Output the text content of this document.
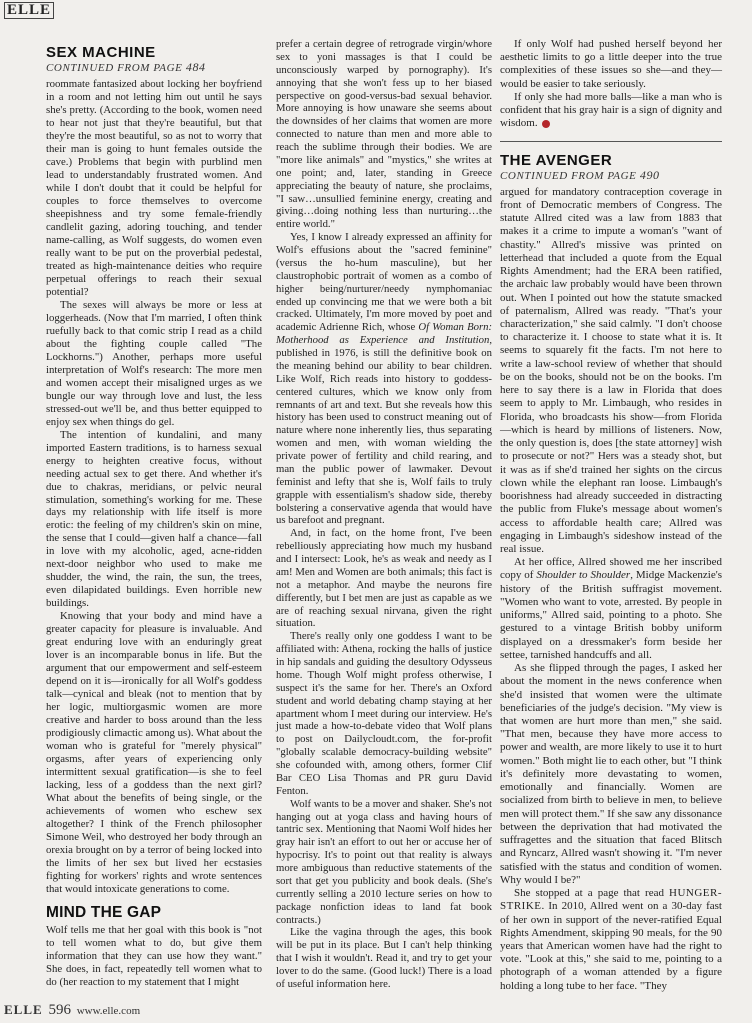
ELLE
SEX MACHINE
CONTINUED FROM PAGE 484

roommate fantasized about locking her boyfriend in a room and not letting him out until he says she's pretty. (According to the book, women need to hear not just that they're beautiful, but that they're the most beautiful, so as not to worry that their man is going to hunt females outside the cave.) Problems that begin with purblind men lead to understandably frustrated women. And while I don't doubt that it could be helpful for couples to force themselves to overcome sheepishness and try some female-friendly candlelit gazing, adoring touching, and tender name-calling, as Wolf suggests, do women even really want to be put on the proverbial pedestal, treated as high-maintenance deities who require perpetual offerings to reach their sexual potential?

The sexes will always be more or less at loggerheads. (Now that I'm married, I often think ruefully back to that comic strip I read as a child about the fighting couple called "The Lockhorns.") Another, perhaps more useful interpretation of Wolf's research: The more men and women accept their misaligned urges as we bungle our way through love and lust, the less stressed-out we'll be, and thus better equipped to enjoy sex when things do gel.

The intention of kundalini, and many imported Eastern traditions, is to harness sexual energy to heighten creative focus, without needing actual sex to get there. And whether it's due to chakras, meridians, or pelvic neural stimulation, something's working for me. These days my relationship with life itself is more erotic: the feeling of my children's skin on mine, the sense that I could—given half a chance—fall in love with my alcoholic, aged, acne-ridden next-door neighbor who used to make me shudder, the wind, the rain, the sun, the trees, even dilapidated buildings. Even horrible new buildings.

Knowing that your body and mind have a greater capacity for pleasure is invaluable. And great enduring love with an enduringly great lover is an incomparable bonus in life. But the argument that our empowerment and self-esteem depend on it is—ironically for all Wolf's goddess talk—cynical and bleak (not to mention that by her logic, multiorgasmic women are more creative and harder to boss around than the less prodigiously climactic among us). What about the woman who is grateful for "merely physical" orgasms, after years of experiencing only intermittent sexual gratification—is she to feel lacking, less of a goddess than the next girl? What about the benefits of being single, or the achievements of women who eschew sex altogether? I think of the French philosopher Simone Weil, who destroyed her body through an orexia brought on by a terror of being locked into the limits of her sex but lived her ecstasies fighting for workers' rights and wrote sentences that would intoxicate generations to come.

MIND THE GAP

Wolf tells me that her goal with this book is "not to tell women what to do, but give them information that they can use how they want." She does, in fact, repeatedly tell women what to do (her reaction to my statement that I might

prefer a certain degree of retrograde virgin/whore sex to yoni massages is that I could be unconsciously warped by pornography). It's annoying that she won't fess up to her biased perspective on good-versus-bad sexual behavior. More annoying is how unaware she seems about the downsides of her claims that women are more connected to nature than men and more able to reach the sublime through their bodies. We are "more like animals" and "mystics," she writes at one point; and, later, standing in Greece appreciating the beauty of nature, she proclaims, "I saw…unsullied feminine energy, creating and giving…doing nothing less than nurturing…the entire world."

Yes, I know I already expressed an affinity for Wolf's effusions about the "sacred feminine" (versus the ho-hum masculine), but her claustrophobic portrait of women as a combo of higher being/nurturer/needy nymphomaniac ended up convincing me that we were both a bit cracked. Ultimately, I'm more moved by poet and academic Adrienne Rich, whose Of Woman Born: Motherhood as Experience and Institution, published in 1976, is still the definitive book on the meaning behind our ability to bear children. Like Wolf, Rich reads into history to goddess-centered cultures, which we know only from remnants of art and text. But she reveals how this history has been used to construct meaning out of nature where none inherently lies, thus separating women and men, with woman wielding the private power of fertility and child rearing, and man the public power of lawmaker. Devout feminist and lefty that she is, Wolf fails to truly grapple with essentialism's shadow side, thereby bolstering a conservative agenda that would have us barefoot and pregnant.

And, in fact, on the home front, I've been rebelliously appreciating how much my husband and I intersect: Look, he's as weak and needy as I am! Men and Women are both animals; this fact is not a metaphor. And maybe the neurons fire differently, but I bet men are just as capable as we are of reaching sexual nirvana, given the right situation.

There's really only one goddess I want to be affiliated with: Athena, rocking the halls of justice in hip sandals and guiding the desultory Odysseus home. Though Wolf might profess otherwise, I suspect it's the same for her. There's an Oxford student and world debating champ staying at her apartment whom I meet during our interview. He's just made a how-to-debate video that Wolf plans to post on Dailycloudt.com, the for-profit "globally scalable democracy-building website" she cofounded with, among others, former Clif Bar CEO Lisa Thomas and PR guru David Fenton.

Wolf wants to be a mover and shaker. She's not hanging out at yoga class and having hours of tantric sex. Mentioning that Naomi Wolf hides her gray hair isn't an effort to out her or accuse her of hypocrisy. It's to point out that reality is always more ambiguous than reductive statements of the sort that get you publicity and book deals. (She's currently selling a 2010 lecture series on how to package nonfiction ideas to land fat book contracts.)

Like the vagina through the ages, this book will be put in its place. But I can't help thinking that I wish it wouldn't. Read it, and try to get your lover to do the same. (Good luck!) There is a load of useful information here.

If only Wolf had pushed herself beyond her aesthetic limits to go a little deeper into the true complexities of these issues so she—and they—would be easier to take seriously.

If only she had more balls—like a man who is confident that his gray hair is a sign of dignity and wisdom.

THE AVENGER
CONTINUED FROM PAGE 490

argued for mandatory contraception coverage in front of Democratic members of Congress. The statute Allred cited was a law from 1883 that makes it a crime to impute a woman's "want of chastity." Allred's missive was printed on letterhead that included a quote from the Equal Rights Amendment; had the ERA been ratified, the archaic law probably would have been thrown out. When I pointed out how the statute smacked of paternalism, Allred was ready. "That's your characterization," she said calmly. "I don't choose to characterize it. I choose to state what it is. It seems to squarely fit the facts. I'm not here to write a law-school review of whether that should be on the books, should not be on the books. I'm here to say there is a law in Florida that does seem to apply to Mr. Limbaugh, who resides in Florida, who broadcasts his show—from Florida—which is heard by millions of listeners. Now, the only question is, does [the state attorney] wish to prosecute or not?" Hers was a steady shot, but it was as if she'd trained her sights on the circus clown while the elephant ran loose. Limbaugh's boorishness had already succeeded in distracting the public from Fluke's message about women's access to affordable health care; Allred was engaging in Limbaugh's sideshow instead of the real issue.

At her office, Allred showed me her inscribed copy of Shoulder to Shoulder, Midge Mackenzie's history of the British suffragist movement. "Women who want to vote, arrested. By people in uniforms," Allred said, pointing to a photo. She gestured to a vintage British bobby uniform displayed on a dressmaker's form beside her settee, tarnished handcuffs and all.

As she flipped through the pages, I asked her about the moment in the news conference when she'd insisted that women were the ultimate beneficiaries of the judge's decision. "My view is that women are hurt more than men," she said. "That men, because they have more access to power and wealth, are more likely to use it to hurt women." Both might lie to each other, but "I think it's definitely more devastating to women, emotionally and financially. Women are socialized from birth to believe in men, to believe men will protect them." If she saw any dissonance between the deprivation that had motivated the suffragettes and the situation that faced Blitsch and Ryncarz, Allred wasn't showing it. "I'm never satisfied with the status and condition of women. Why would I be?"

She stopped at a page that read HUNGER-STRIKE. In 2010, Allred went on a 30-day fast of her own in support of the never-ratified Equal Rights Amendment, skipping 90 meals, for the 90 years that American women have had the right to vote. "Look at this," she said to me, pointing to a photograph of a woman attended by a figure holding a long tube to her face. "They

ELLE 596 www.elle.com
